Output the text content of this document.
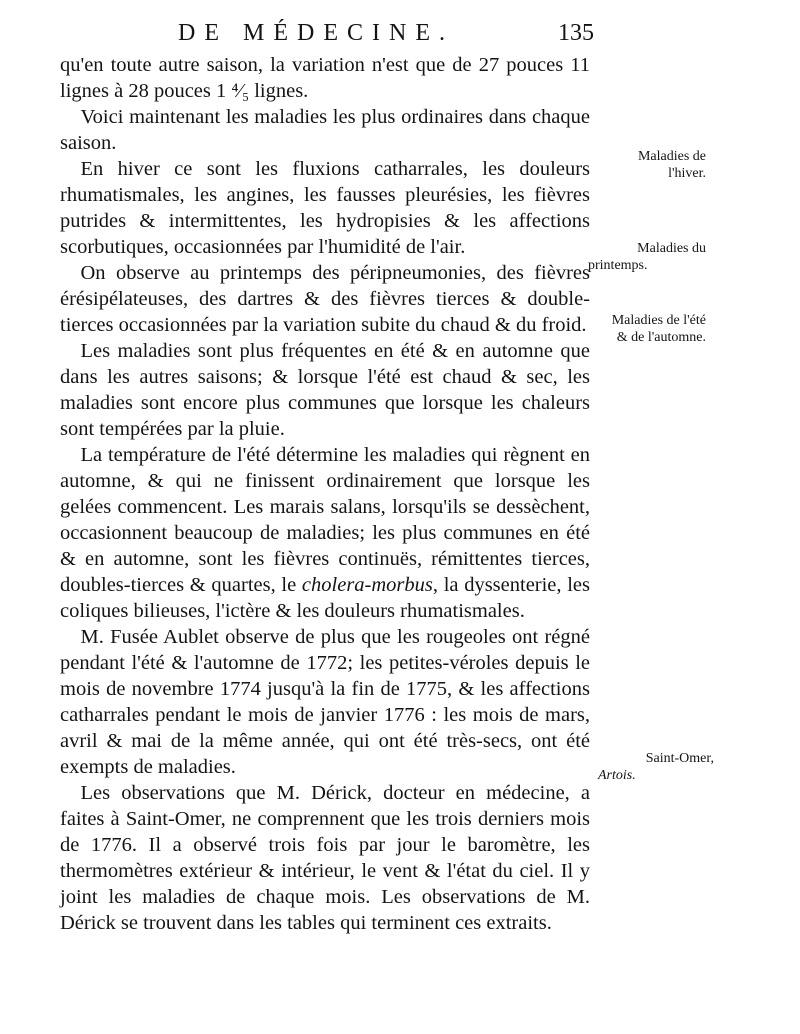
DE MÉDECINE.	135

qu'en toute autre saison, la variation n'est que de 27 pouces 11 lignes à 28 pouces 1 ⁴⁄₅ lignes.

Voici maintenant les maladies les plus ordinaires dans chaque saison.

En hiver ce sont les fluxions catharrales, les douleurs rhumatismales, les angines, les fausses pleurésies, les fièvres putrides & intermittentes, les hydropisies & les affections scorbutiques, occasionnées par l'humidité de l'air.

On observe au printemps des péripneumonies, des fièvres érésipélateuses, des dartres & des fièvres tierces & double-tierces occasionnées par la variation subite du chaud & du froid.

Les maladies sont plus fréquentes en été & en automne que dans les autres saisons; & lorsque l'été est chaud & sec, les maladies sont encore plus communes que lorsque les chaleurs sont tempérées par la pluie.

La température de l'été détermine les maladies qui règnent en automne, & qui ne finissent ordinairement que lorsque les gelées commencent. Les marais salans, lorsqu'ils se dessèchent, occasionnent beaucoup de maladies; les plus communes en été & en automne, sont les fièvres continuës, rémittentes tierces, doubles-tierces & quartes, le cholera-morbus, la dyssenterie, les coliques bilieuses, l'ictère & les douleurs rhumatismales.

M. Fusée Aublet observe de plus que les rougeoles ont régné pendant l'été & l'automne de 1772; les petites-véroles depuis le mois de novembre 1774 jusqu'à la fin de 1775, & les affections catharrales pendant le mois de janvier 1776 : les mois de mars, avril & mai de la même année, qui ont été très-secs, ont été exempts de maladies.

Les observations que M. Dérick, docteur en médecine, a faites à Saint-Omer, ne comprennent que les trois derniers mois de 1776. Il a observé trois fois par jour le baromètre, les thermomètres extérieur & intérieur, le vent & l'état du ciel. Il y joint les maladies de chaque mois. Les observations de M. Dérick se trouvent dans les tables qui terminent ces extraits.

Maladies de
l'hiver.
Maladies du
printemps.
Maladies de l'été
& de l'automne.
Saint-Omer,
Artois.
